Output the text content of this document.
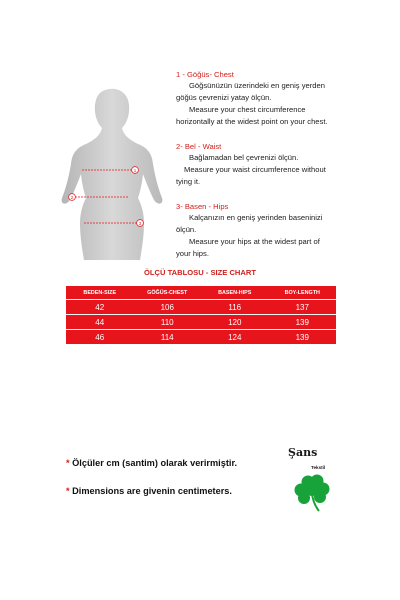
1
2
3
1 - Göğüs- Chest
Göğsünüzün üzerindeki en geniş yerden
göğüs çevrenizi yatay ölçün.
Measure your chest circumference
horizontally at the widest point on your chest.
2- Bel - Waist
Bağlamadan bel çevrenizi ölçün.
Measure your waist circumference without
tying it.
3- Basen - Hips
Kalçanızın en geniş yerinden baseninizi
ölçün.
Measure your hips at the widest part of
your hips.
ÖLÇÜ TABLOSU - SIZE CHART
BEDEN-SIZE	GÖĞÜS-CHEST	BASEN-HIPS	BOY-LENGTH
42	106	116	137
44	110	120	139
46	114	124	139
* Ölçüler cm (santim) olarak verirmiştir.
* Dimensions are givenin centimeters.
Şans
Tekstil
